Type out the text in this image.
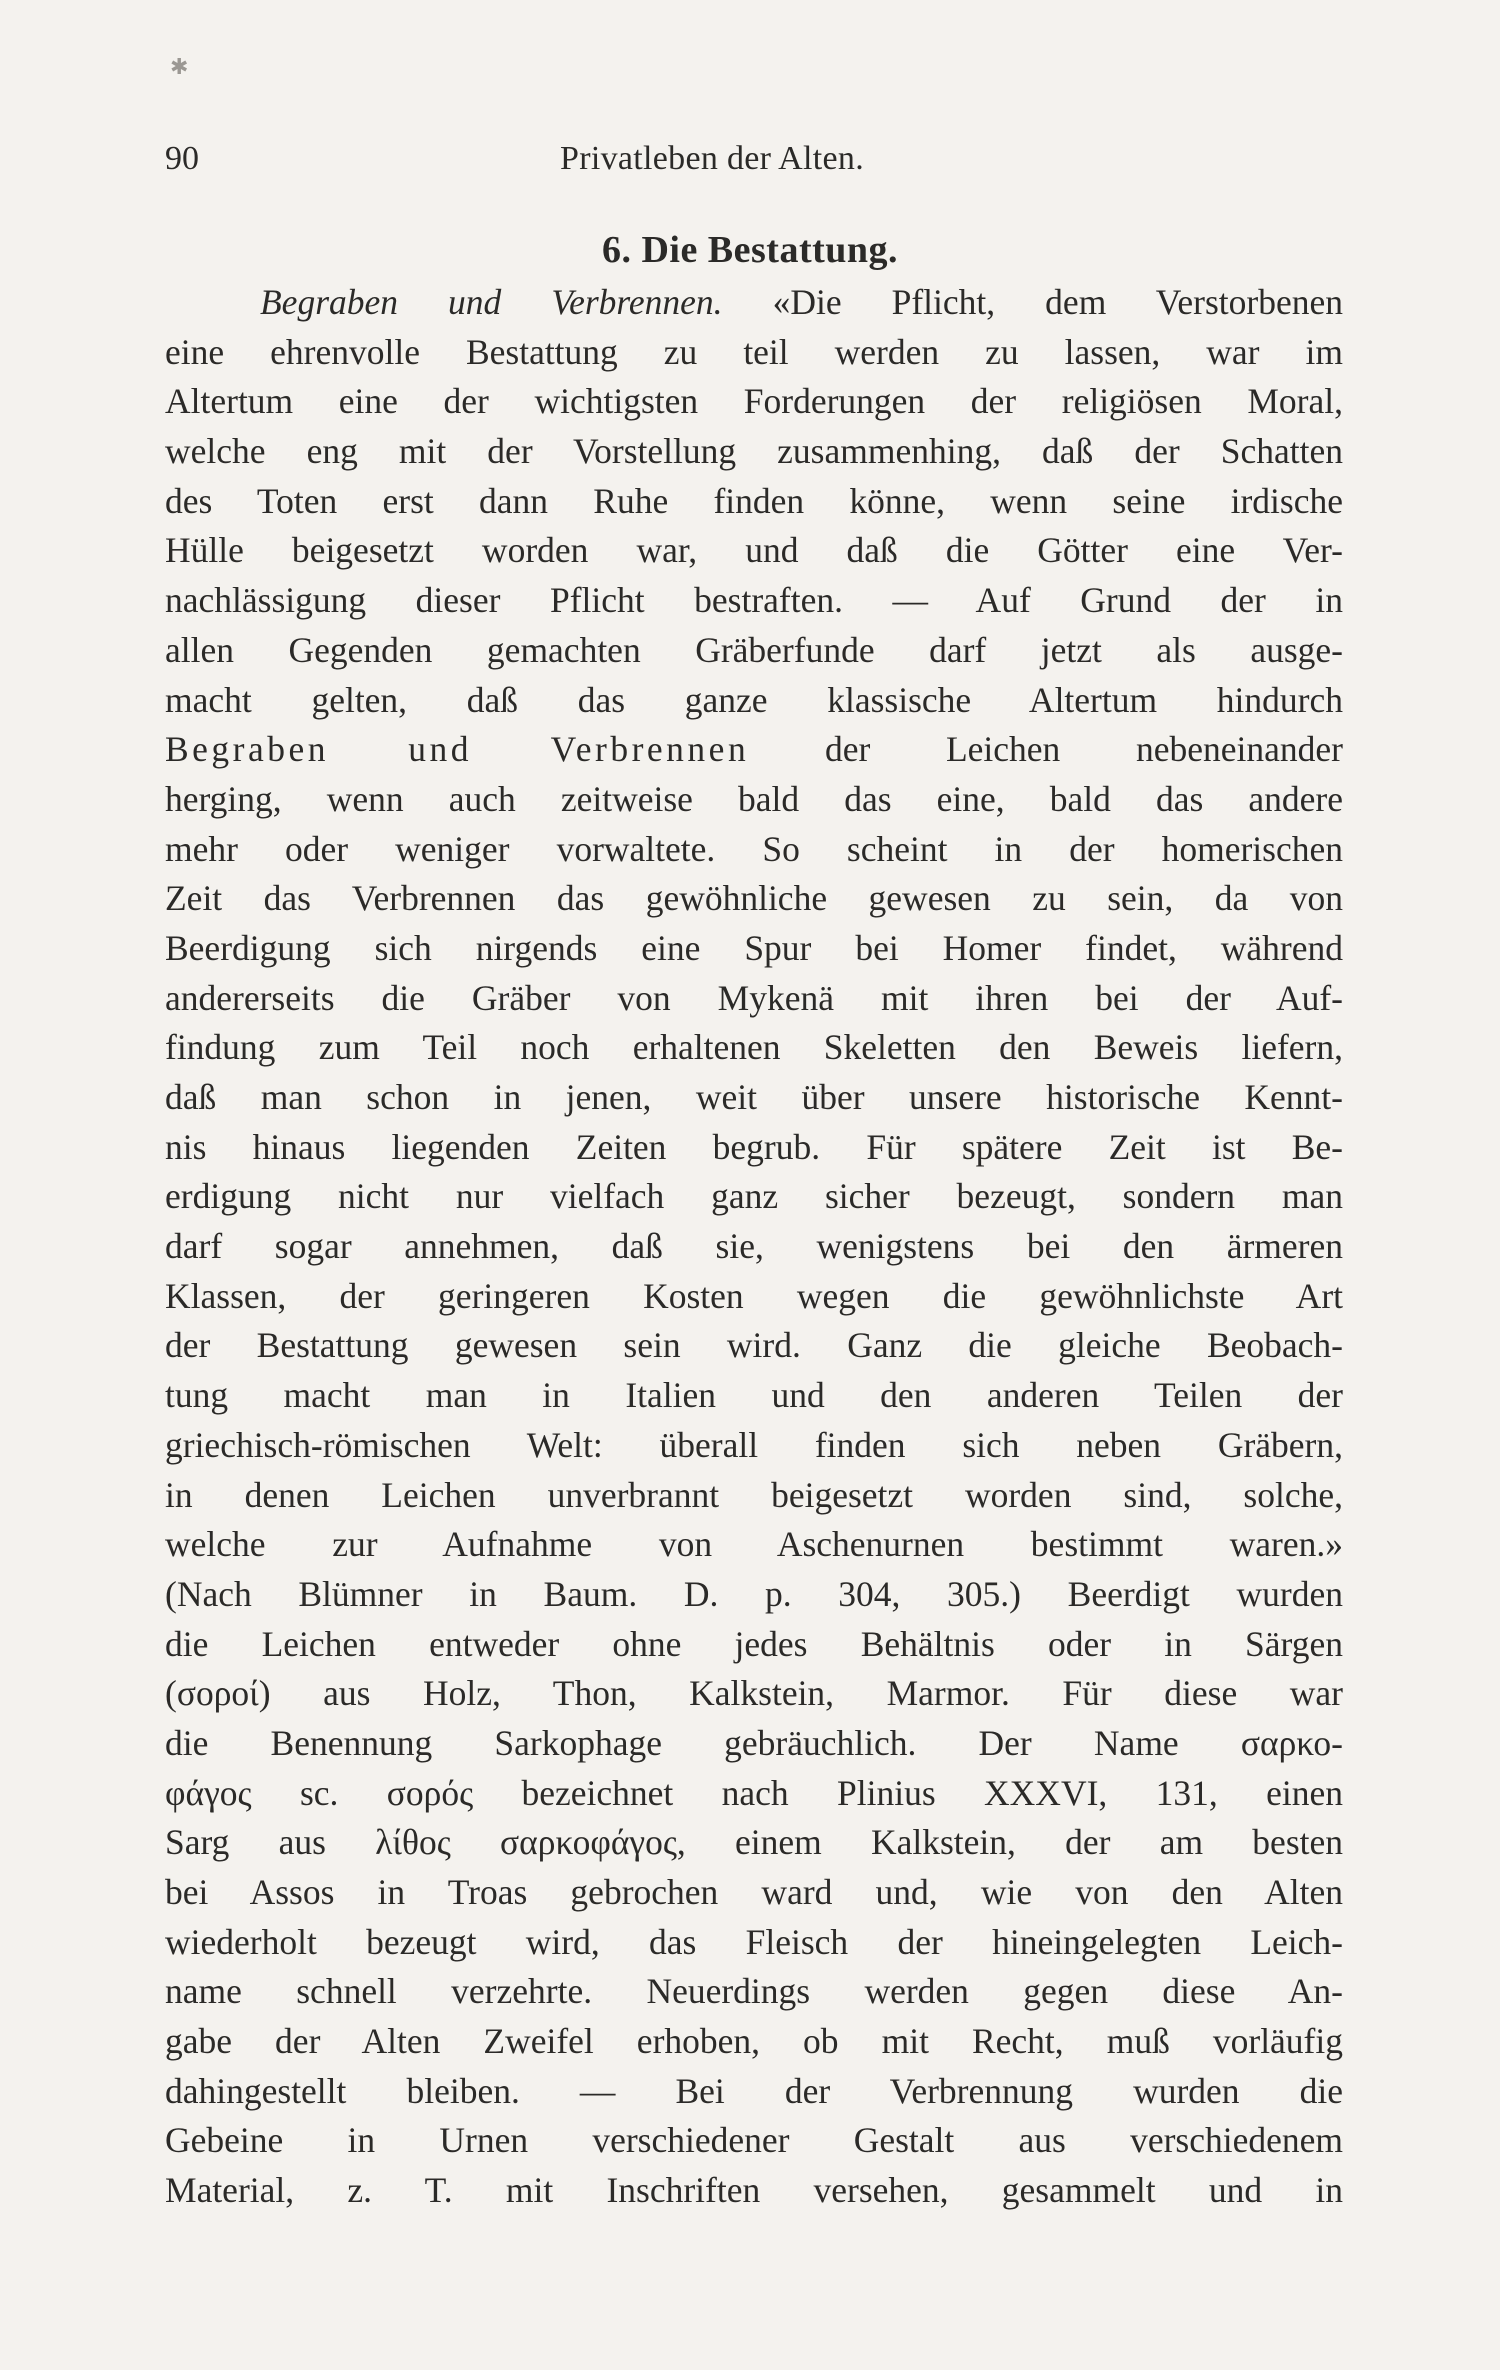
✱
90	Privatleben der Alten.
6. Die Bestattung.
Begraben und Verbrennen. «Die Pflicht, dem Verstorbenen
eine ehrenvolle Bestattung zu teil werden zu lassen, war im
Altertum eine der wichtigsten Forderungen der religiösen Moral,
welche eng mit der Vorstellung zusammenhing, daß der Schatten
des Toten erst dann Ruhe finden könne, wenn seine irdische
Hülle beigesetzt worden war, und daß die Götter eine Ver-
nachlässigung dieser Pflicht bestraften. — Auf Grund der in
allen Gegenden gemachten Gräberfunde darf jetzt als ausge-
macht gelten, daß das ganze klassische Altertum hindurch
Begraben und Verbrennen der Leichen nebeneinander
herging, wenn auch zeitweise bald das eine, bald das andere
mehr oder weniger vorwaltete. So scheint in der homerischen
Zeit das Verbrennen das gewöhnliche gewesen zu sein, da von
Beerdigung sich nirgends eine Spur bei Homer findet, während
andererseits die Gräber von Mykenä mit ihren bei der Auf-
findung zum Teil noch erhaltenen Skeletten den Beweis liefern,
daß man schon in jenen, weit über unsere historische Kennt-
nis hinaus liegenden Zeiten begrub. Für spätere Zeit ist Be-
erdigung nicht nur vielfach ganz sicher bezeugt, sondern man
darf sogar annehmen, daß sie, wenigstens bei den ärmeren
Klassen, der geringeren Kosten wegen die gewöhnlichste Art
der Bestattung gewesen sein wird. Ganz die gleiche Beobach-
tung macht man in Italien und den anderen Teilen der
griechisch-römischen Welt: überall finden sich neben Gräbern,
in denen Leichen unverbrannt beigesetzt worden sind, solche,
welche zur Aufnahme von Aschenurnen bestimmt waren.»
(Nach Blümner in Baum. D. p. 304, 305.) Beerdigt wurden
die Leichen entweder ohne jedes Behältnis oder in Särgen
(σοροί) aus Holz, Thon, Kalkstein, Marmor. Für diese war
die Benennung Sarkophage gebräuchlich. Der Name σαρκο-
φάγος sc. σορός bezeichnet nach Plinius XXXVI, 131, einen
Sarg aus λίθος σαρκοφάγος, einem Kalkstein, der am besten
bei Assos in Troas gebrochen ward und, wie von den Alten
wiederholt bezeugt wird, das Fleisch der hineingelegten Leich-
name schnell verzehrte. Neuerdings werden gegen diese An-
gabe der Alten Zweifel erhoben, ob mit Recht, muß vorläufig
dahingestellt bleiben. — Bei der Verbrennung wurden die
Gebeine in Urnen verschiedener Gestalt aus verschiedenem
Material, z. T. mit Inschriften versehen, gesammelt und in
